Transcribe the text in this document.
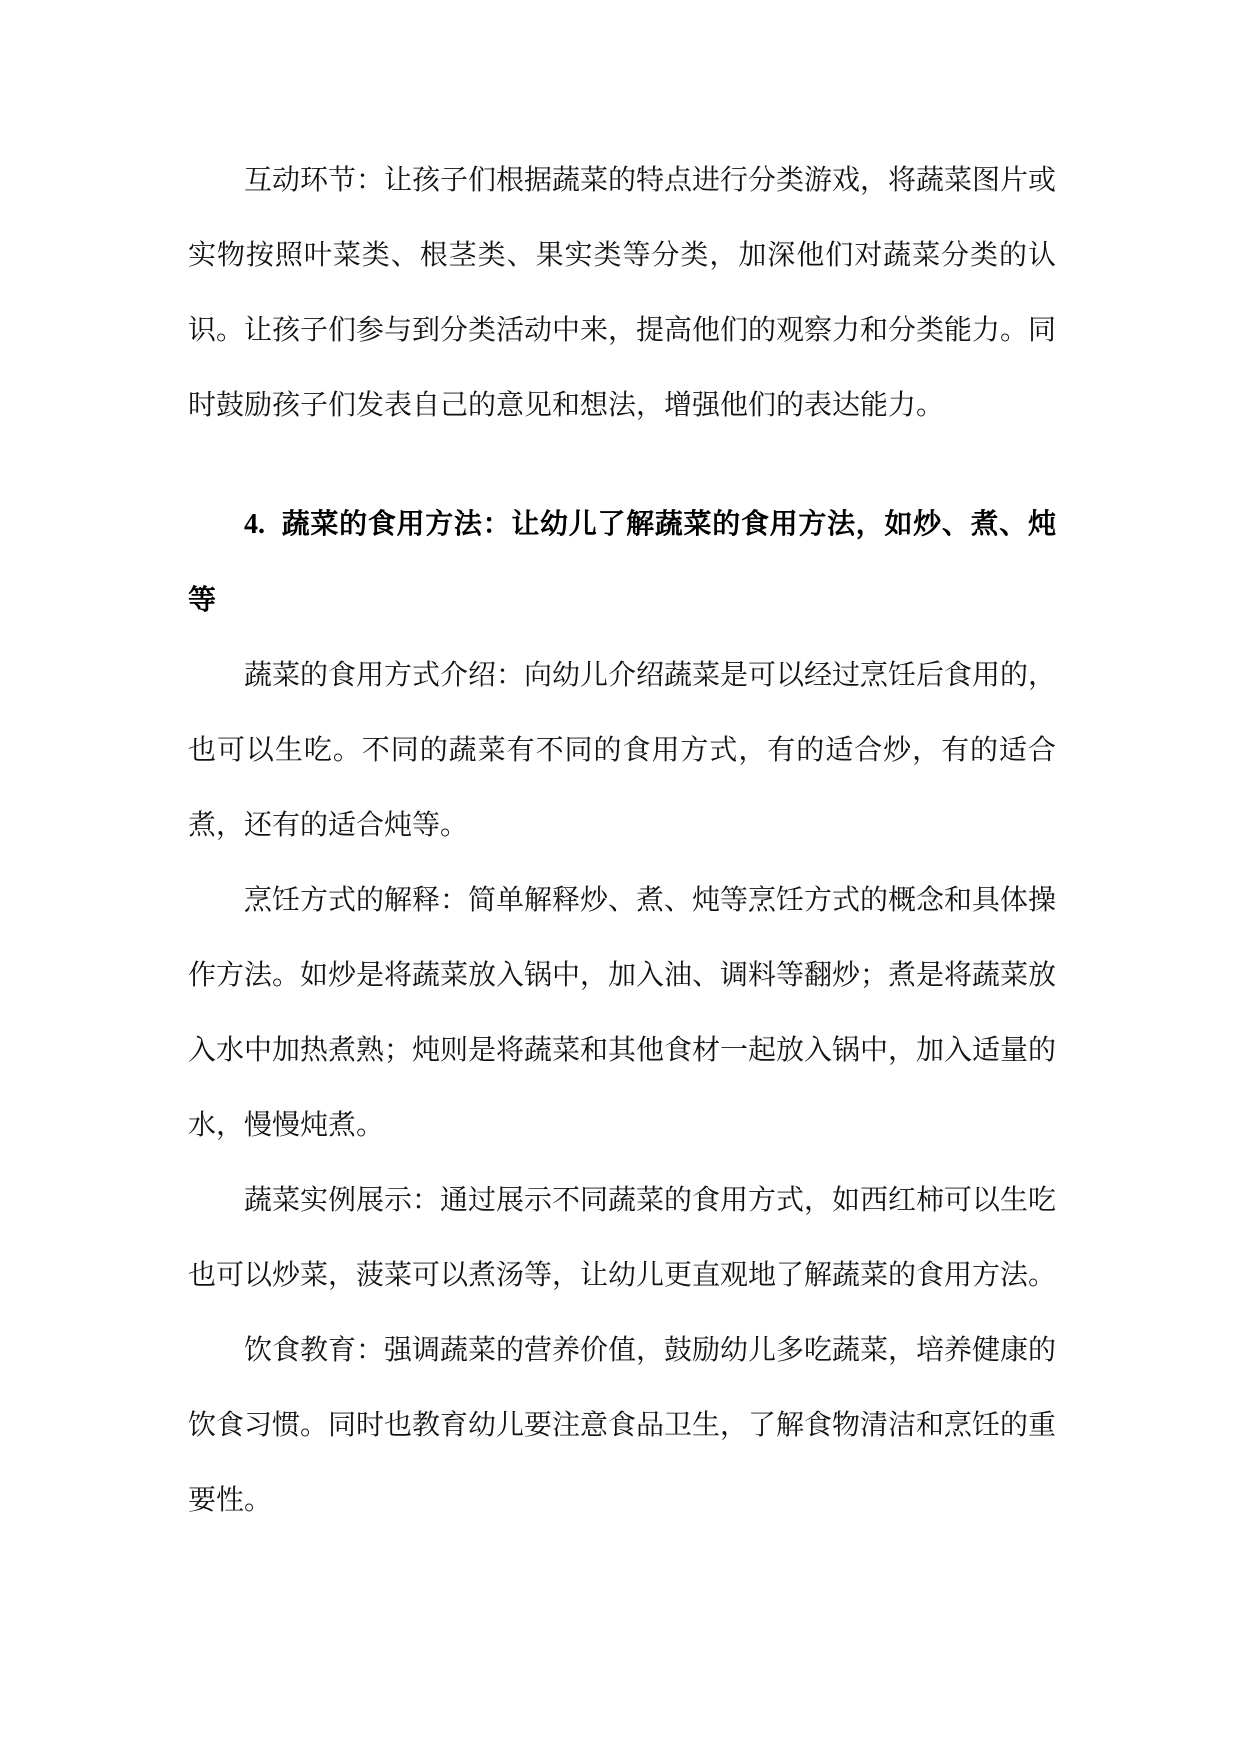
互动环节：让孩子们根据蔬菜的特点进行分类游戏，将蔬菜图片或实物按照叶菜类、根茎类、果实类等分类，加深他们对蔬菜分类的认识。让孩子们参与到分类活动中来，提高他们的观察力和分类能力。同时鼓励孩子们发表自己的意见和想法，增强他们的表达能力。

4. 蔬菜的食用方法：让幼儿了解蔬菜的食用方法，如炒、煮、炖等

蔬菜的食用方式介绍：向幼儿介绍蔬菜是可以经过烹饪后食用的，也可以生吃。不同的蔬菜有不同的食用方式，有的适合炒，有的适合煮，还有的适合炖等。

烹饪方式的解释：简单解释炒、煮、炖等烹饪方式的概念和具体操作方法。如炒是将蔬菜放入锅中，加入油、调料等翻炒；煮是将蔬菜放入水中加热煮熟；炖则是将蔬菜和其他食材一起放入锅中，加入适量的水，慢慢炖煮。

蔬菜实例展示：通过展示不同蔬菜的食用方式，如西红柿可以生吃也可以炒菜，菠菜可以煮汤等，让幼儿更直观地了解蔬菜的食用方法。

饮食教育：强调蔬菜的营养价值，鼓励幼儿多吃蔬菜，培养健康的饮食习惯。同时也教育幼儿要注意食品卫生，了解食物清洁和烹饪的重要性。
